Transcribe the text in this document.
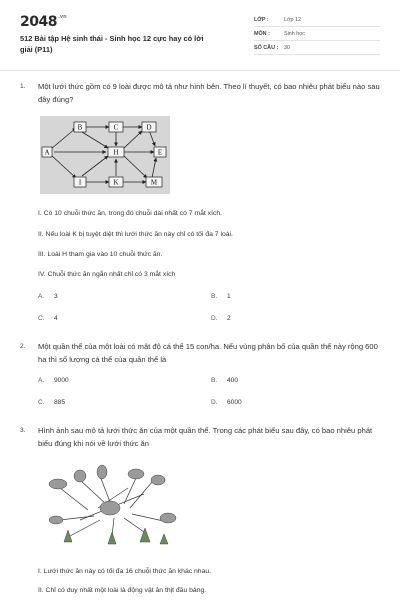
$2048^{.vn}$
512 Bài tập Hệ sinh thái - Sinh học 12 cực hay có lời giải (P11)
LỚP :	Lớp 12
MÔN :	Sinh học
SỐ CÂU : 30
1. Một lưới thức gồm có 9 loài được mô tả như hình bên. Theo lí thuyết, có bao nhiêu phát biểu nào sau đây đúng?
A
B	C	D
E
H
I	K	M
I. Có 10 chuỗi thức ăn, trong đó chuỗi dài nhất có 7 mắt xích.
II. Nếu loài K bị tuyệt diệt thì lưới thức ăn này chỉ có tối đa 7 loài.
III. Loài H tham gia vào 10 chuỗi thức ăn.
IV. Chuỗi thức ăn ngắn nhất chỉ có 3 mắt xích
A. 3	B. 1
C. 4	D. 2
2. Một quần thể của một loài có mật độ cá thể 15 con/ha. Nếu vùng phân bố của quần thể này rộng 600 ha thì số lượng cá thể của quần thể là
A. 9000	B. 400
C. 885	D. 6000
3. Hình ảnh sau mô tả lưới thức ăn của một quần thể. Trong các phát biểu sau đây, có bao nhiêu phát biểu đúng khi nói về lưới thức ăn
I. Lưới thức ăn này có tối đa 16 chuỗi thức ăn khác nhau.
II. Chỉ có duy nhất một loài là động vật ăn thịt đầu bảng.
